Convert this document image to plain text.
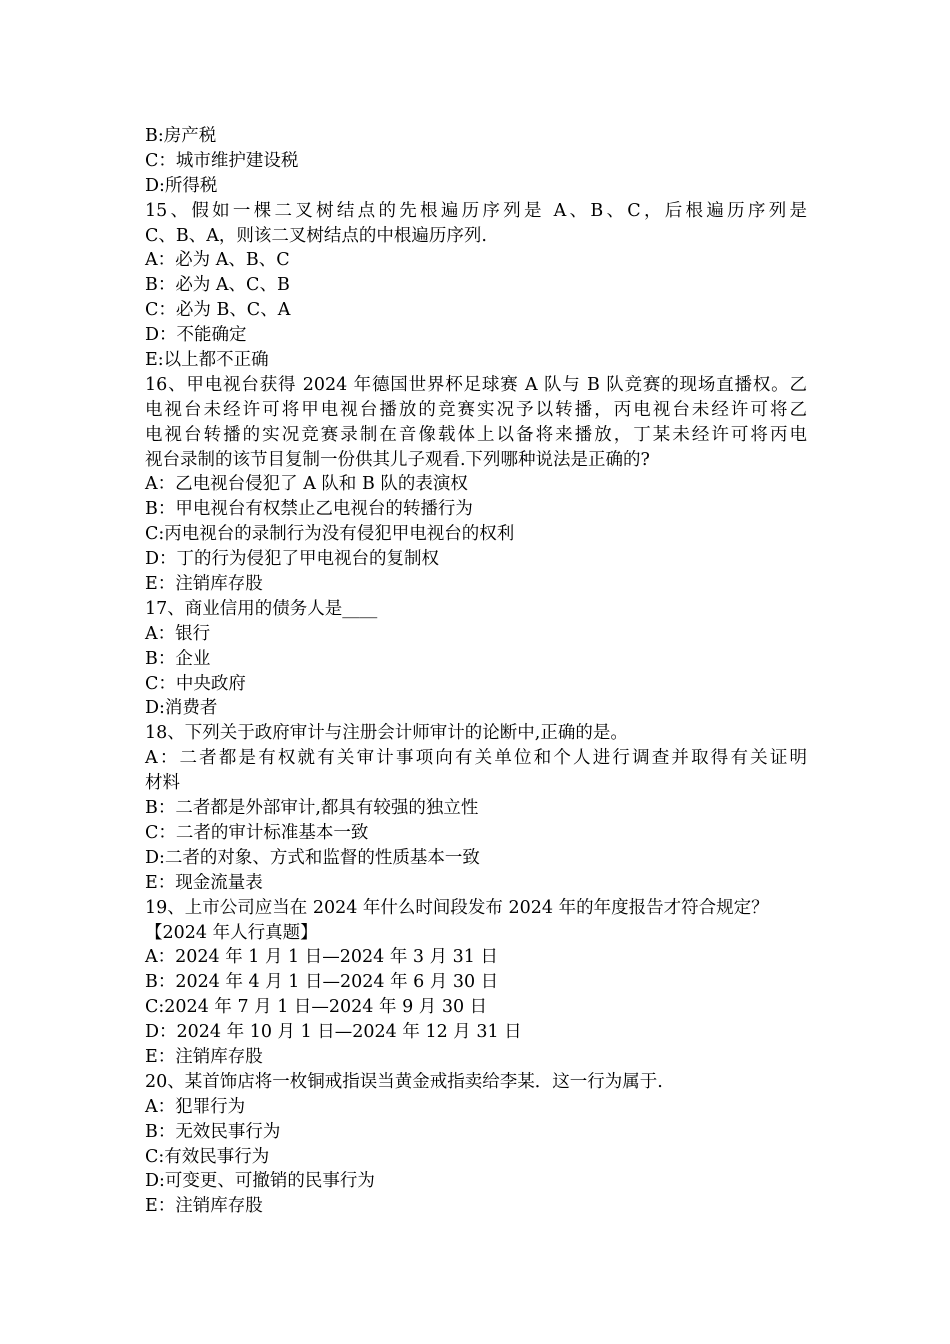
B:房产税
C：城市维护建设税
D:所得税
15、假如一棵二叉树结点的先根遍历序列是 A、B、C，后根遍历序列是
C、B、A，则该二叉树结点的中根遍历序列.
A：必为 A、B、C
B：必为 A、C、B
C：必为 B、C、A
D：不能确定
E:以上都不正确
16、甲电视台获得 2024 年德国世界杯足球赛 A 队与 B 队竞赛的现场直播权。乙
电视台未经许可将甲电视台播放的竞赛实况予以转播，丙电视台未经许可将乙
电视台转播的实况竞赛录制在音像载体上以备将来播放，丁某未经许可将丙电
视台录制的该节目复制一份供其儿子观看.下列哪种说法是正确的?
A：乙电视台侵犯了 A 队和 B 队的表演权
B：甲电视台有权禁止乙电视台的转播行为
C:丙电视台的录制行为没有侵犯甲电视台的权利
D：丁的行为侵犯了甲电视台的复制权
E：注销库存股
17、商业信用的债务人是____
A：银行
B：企业
C：中央政府
D:消费者
18、下列关于政府审计与注册会计师审计的论断中,正确的是。
A：二者都是有权就有关审计事项向有关单位和个人进行调查并取得有关证明
材料
B：二者都是外部审计,都具有较强的独立性
C：二者的审计标准基本一致
D:二者的对象、方式和监督的性质基本一致
E：现金流量表
19、上市公司应当在 2024 年什么时间段发布 2024 年的年度报告才符合规定？
【2024 年人行真题】
A：2024 年 1 月 1 日—2024 年 3 月 31 日
B：2024 年 4 月 1 日—2024 年 6 月 30 日
C:2024 年 7 月 1 日—2024 年 9 月 30 日
D：2024 年 10 月 1 日—2024 年 12 月 31 日
E：注销库存股
20、某首饰店将一枚铜戒指误当黄金戒指卖给李某．这一行为属于.
A：犯罪行为
B：无效民事行为
C:有效民事行为
D:可变更、可撤销的民事行为
E：注销库存股
